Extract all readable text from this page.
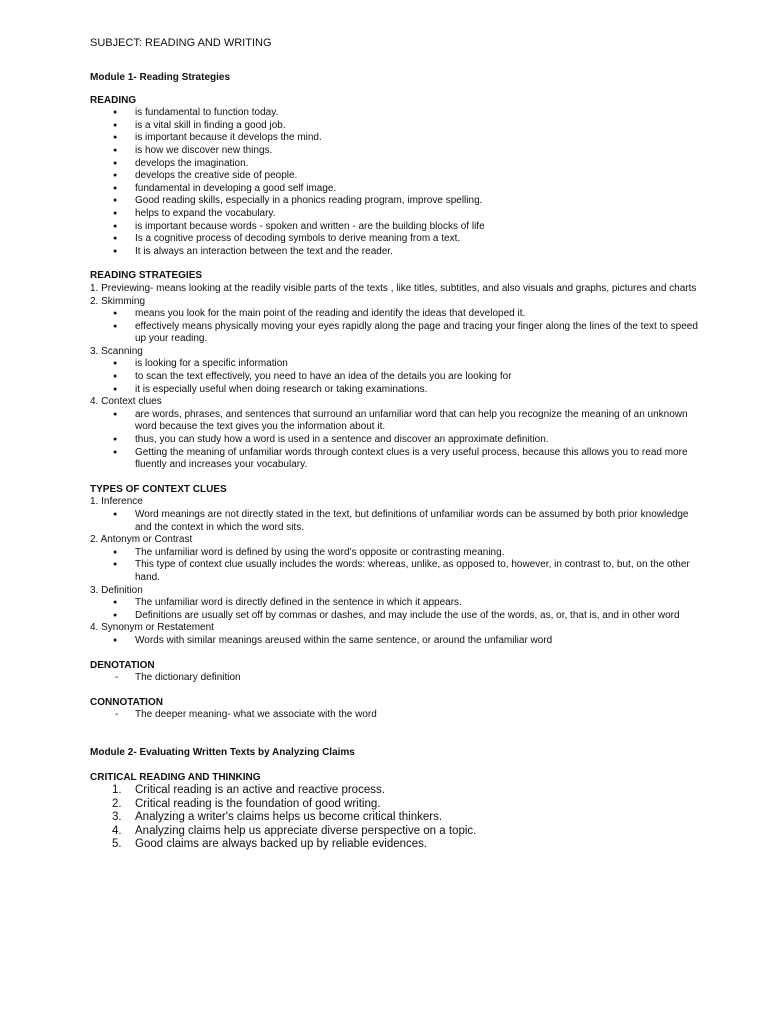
SUBJECT: READING AND WRITING
Module 1- Reading Strategies
READING
● is fundamental to function today.
● is a vital skill in finding a good job.
● is important because it develops the mind.
● is how we discover new things.
● develops the imagination.
● develops the creative side of people.
● fundamental in developing a good self image.
● Good reading skills, especially in a phonics reading program, improve spelling.
● helps to expand the vocabulary.
● is important because words - spoken and written - are the building blocks of life
● Is a cognitive process of decoding symbols to derive meaning from a text.
● It is always an interaction between the text and the reader.
READING STRATEGIES
1. Previewing- means looking at the readily visible parts of the texts , like titles, subtitles, and also visuals and graphs, pictures and charts
2. Skimming
● means you look for the main point of the reading and identify the ideas that developed it.
● effectively means physically moving your eyes rapidly along the page and tracing your finger along the lines of the text to speed up your reading.
3. Scanning
● is looking for a specific information
● to scan the text effectively, you need to have an idea of the details you are looking for
● it is especially useful when doing research or taking examinations.
4. Context clues
● are words, phrases, and sentences that surround an unfamiliar word that can help you recognize the meaning of an unknown word because the text gives you the information about it.
● thus, you can study how a word is used in a sentence and discover an approximate definition.
● Getting the meaning of unfamiliar words through context clues is a very useful process, because this allows you to read more fluently and increases your vocabulary.
TYPES OF CONTEXT CLUES
1. Inference
● Word meanings are not directly stated in the text, but definitions of unfamiliar words can be assumed by both prior knowledge and the context in which the word sits.
2. Antonym or Contrast
● The unfamiliar word is defined by using the word’s opposite or contrasting meaning.
● This type of context clue usually includes the words: whereas, unlike, as opposed to, however, in contrast to, but, on the other hand.
3. Definition
● The unfamiliar word is directly defined in the sentence in which it appears.
● Definitions are usually set off by commas or dashes, and may include the use of the words, as, or, that is, and in other word
4. Synonym or Restatement
● Words with similar meanings areused within the same sentence, or around the unfamiliar word
DENOTATION
- The dictionary definition
CONNOTATION
- The deeper meaning- what we associate with the word
Module 2- Evaluating Written Texts by Analyzing Claims
CRITICAL READING AND THINKING
1. Critical reading is an active and reactive process.
2. Critical reading is the foundation of good writing.
3. Analyzing a writer's claims helps us become critical thinkers.
4. Analyzing claims help us appreciate diverse perspective on a topic.
5. Good claims are always backed up by reliable evidences.
